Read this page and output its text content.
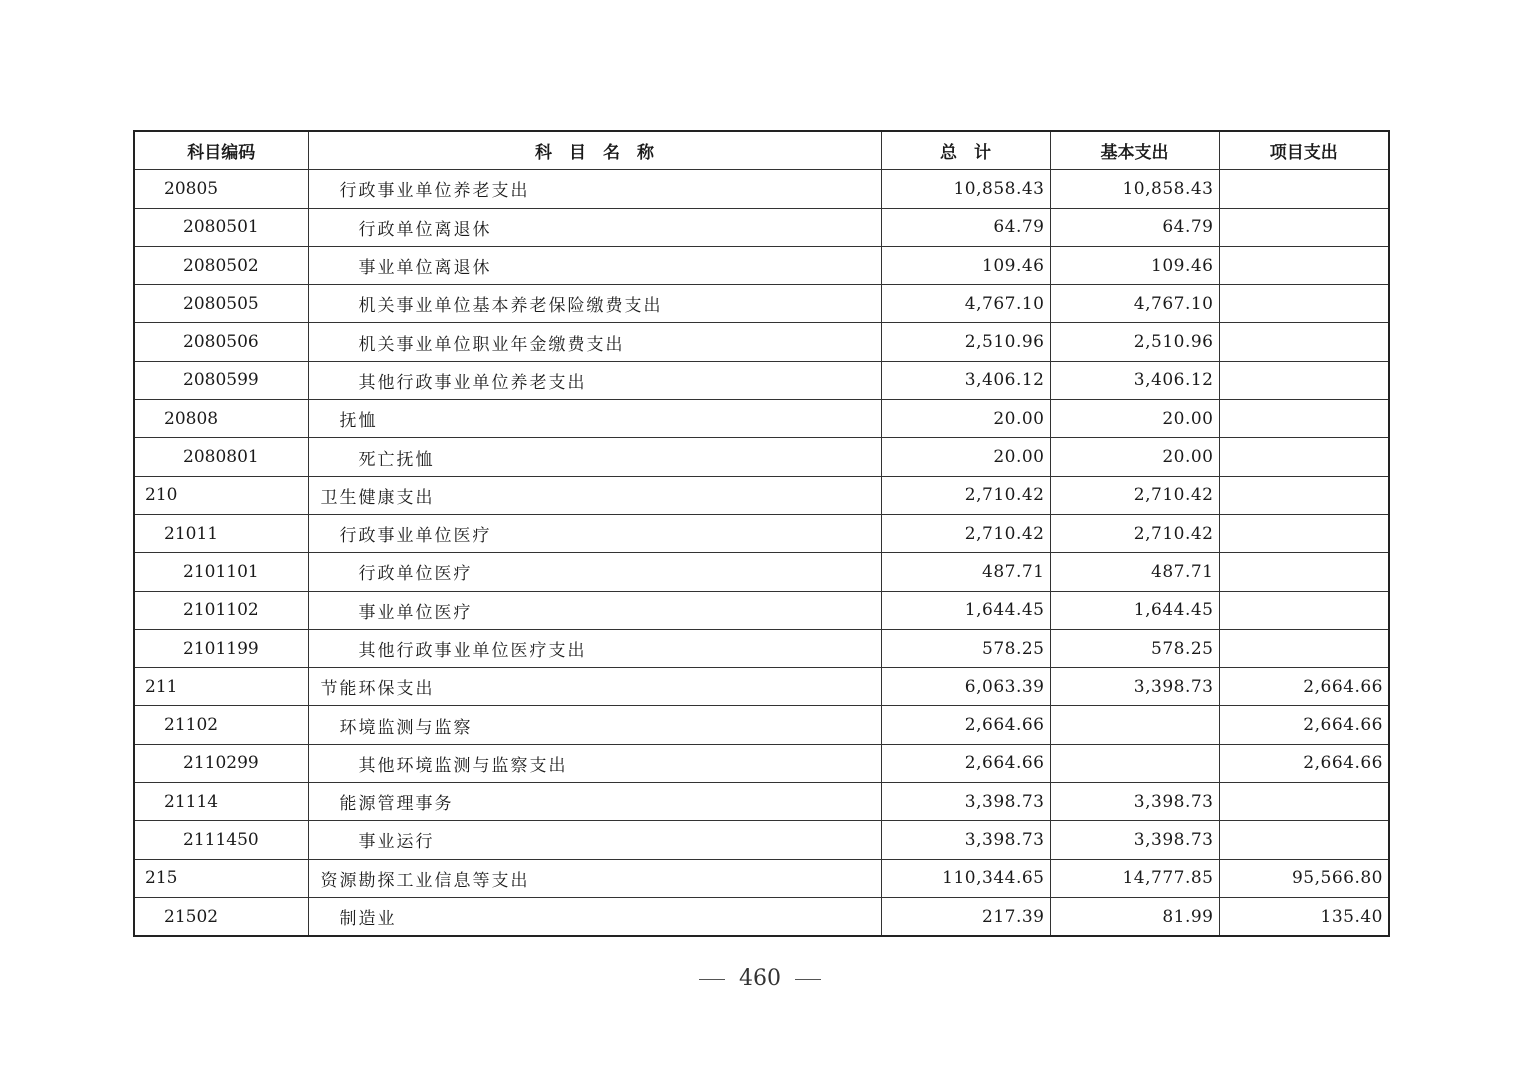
科目编码	科　目　名　称	总　计	基本支出	项目支出
20805	行政事业单位养老支出	10,858.43	10,858.43	
2080501	行政单位离退休	64.79	64.79	
2080502	事业单位离退休	109.46	109.46	
2080505	机关事业单位基本养老保险缴费支出	4,767.10	4,767.10	
2080506	机关事业单位职业年金缴费支出	2,510.96	2,510.96	
2080599	其他行政事业单位养老支出	3,406.12	3,406.12	
20808	抚恤	20.00	20.00	
2080801	死亡抚恤	20.00	20.00	
210	卫生健康支出	2,710.42	2,710.42	
21011	行政事业单位医疗	2,710.42	2,710.42	
2101101	行政单位医疗	487.71	487.71	
2101102	事业单位医疗	1,644.45	1,644.45	
2101199	其他行政事业单位医疗支出	578.25	578.25	
211	节能环保支出	6,063.39	3,398.73	2,664.66
21102	环境监测与监察	2,664.66		2,664.66
2110299	其他环境监测与监察支出	2,664.66		2,664.66
21114	能源管理事务	3,398.73	3,398.73	
2111450	事业运行	3,398.73	3,398.73	
215	资源勘探工业信息等支出	110,344.65	14,777.85	95,566.80
21502	制造业	217.39	81.99	135.40
460
